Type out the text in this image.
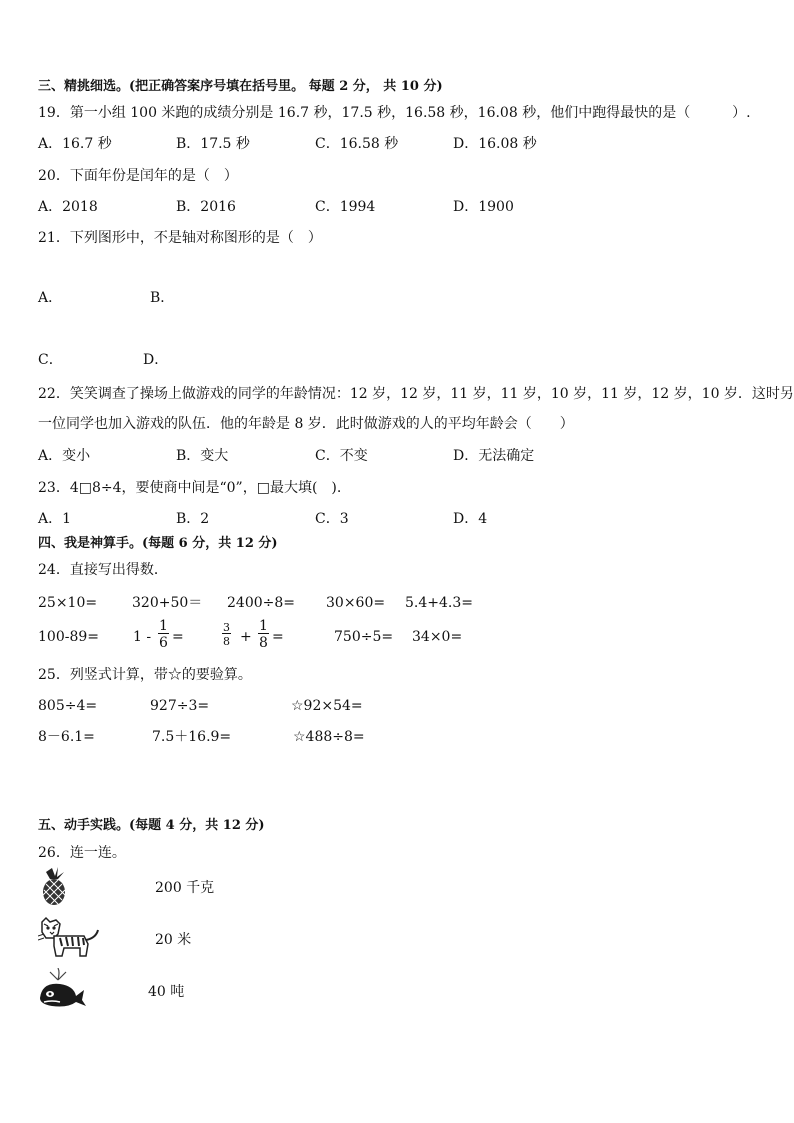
三、精挑细选。(把正确答案序号填在括号里。 每题 2 分， 共 10 分)
19．第一小组 100 米跑的成绩分别是 16.7 秒，17.5 秒，16.58 秒，16.08 秒，他们中跑得最快的是（　　　）.
A．16.7 秒	B．17.5 秒	C．16.58 秒	D．16.08 秒
20．下面年份是闰年的是（　）
A．2018	B．2016	C．1994	D．1900
21．下列图形中，不是轴对称图形的是（　）
A．	B．
C．	D．
22．笑笑调查了操场上做游戏的同学的年龄情况：12 岁，12 岁，11 岁，11 岁，10 岁，11 岁，12 岁，10 岁．这时另
一位同学也加入游戏的队伍．他的年龄是 8 岁．此时做游戏的人的平均年龄会（　　）
A．变小	B．变大	C．不变	D．无法确定
23．4□8÷4，要使商中间是“0”，□最大填(　).
A．1	B．2	C．3	D．4
四、我是神算手。(每题 6 分，共 12 分)
24．直接写出得数．
25×10= 320+50＝ 2400÷8= 30×60= 5.4+4.3=
100-89= 1 -
1
6 =
3
8 +
1
8 =	750÷5= 34×0=
25．列竖式计算，带☆的要验算。
805÷4=	927÷3=	☆92×54=
8－6.1=	7.5＋16.9=	☆488÷8=
五、动手实践。(每题 4 分，共 12 分)
26．连一连。
200 千克
20 米
40 吨
